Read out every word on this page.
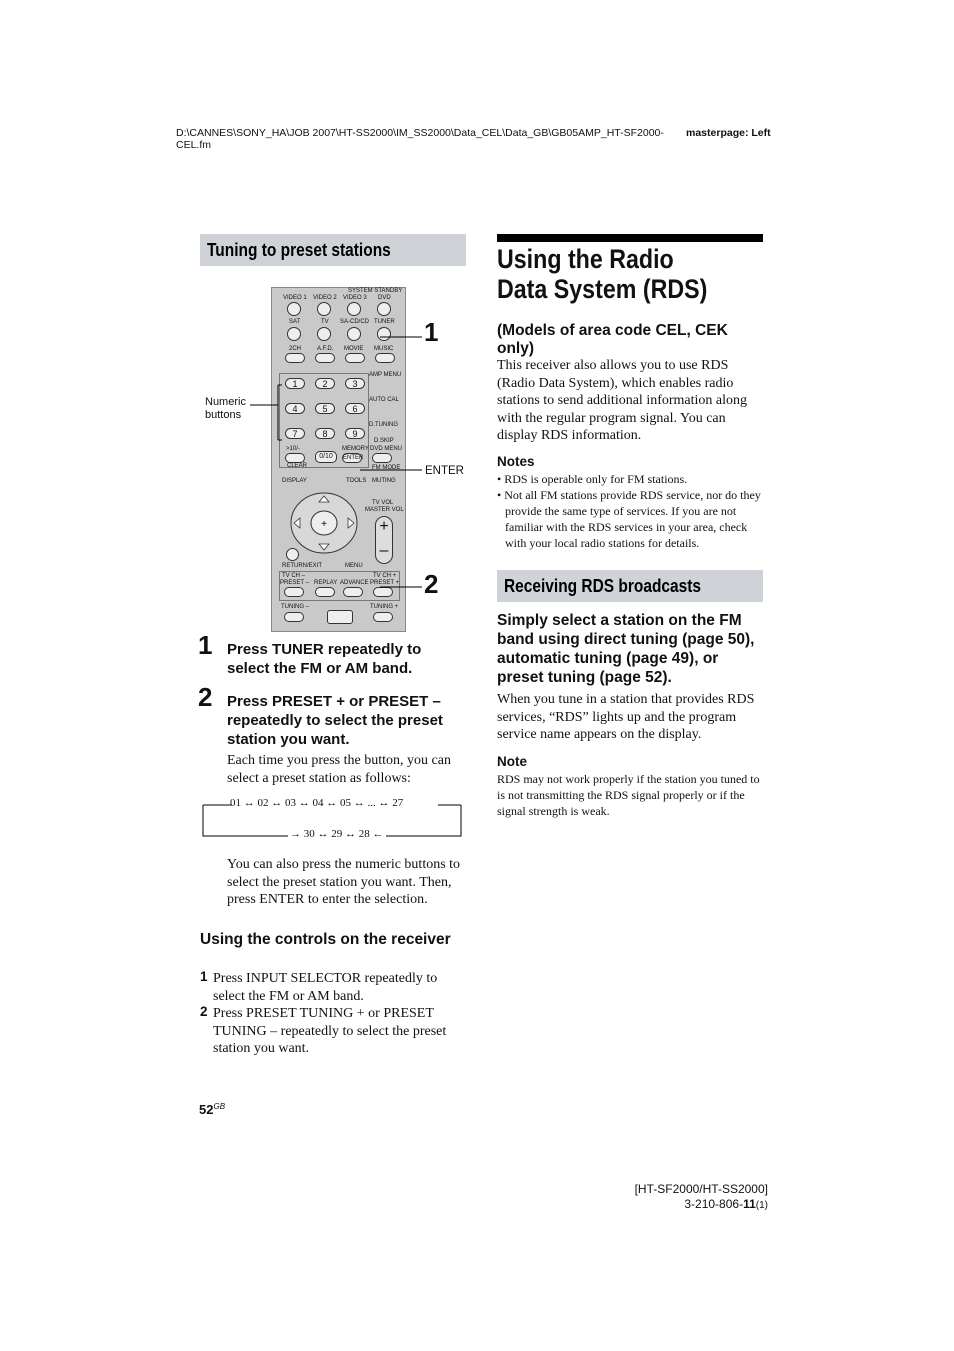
D:\CANNES\SONY_HA\JOB 2007\HT-SS2000\IM_SS2000\Data_CEL\Data_GB\GB05AMP_HT-SF2000-CEL.fm
masterpage: Left
Tuning to preset stations
SYSTEM STANDBY
VIDEO 1 VIDEO 2 VIDEO 3 DVD
SAT	TV SA-CD/CD TUNER
2CH	A.F.D. MOVIE MUSIC
1	2	3
4	5	6
7	8	9
AMP MENU
AUTO CAL
D.TUNING
D.SKIP
MEMORY DVD MENU
ENTER
FM MODE
>10/-
CLEAR
0/10
DISPLAY	TOOLS MUTING
TV VOL
MASTER VOL
+	+
–
RETURN/EXIT	MENU
TV CH –
PRESET – REPLAY ADVANCE
TV CH +
PRESET +
TUNING –	TUNING +
Numeric buttons
ENTER
1
2
1 Press TUNER repeatedly to select the FM or AM band.
2 Press PRESET + or PRESET – repeatedly to select the preset station you want.
Each time you press the button, you can select a preset station as follows:
01 ↔ 02 ↔ 03 ↔ 04 ↔ 05 ↔ ... ↔ 27
→ 30 ↔ 29 ↔ 28 ←
You can also press the numeric buttons to select the preset station you want. Then, press ENTER to enter the selection.
Using the controls on the receiver
1 Press INPUT SELECTOR repeatedly to select the FM or AM band.
2 Press PRESET TUNING + or PRESET TUNING – repeatedly to select the preset station you want.
$52^{GB}$
Using the Radio Data System (RDS)
(Models of area code CEL, CEK only)
This receiver also allows you to use RDS (Radio Data System), which enables radio stations to send additional information along with the regular program signal. You can display RDS information.
Notes
• RDS is operable only for FM stations.
• Not all FM stations provide RDS service, nor do they provide the same type of services. If you are not familiar with the RDS services in your area, check with your local radio stations for details.
Receiving RDS broadcasts
Simply select a station on the FM band using direct tuning (page 50), automatic tuning (page 49), or preset tuning (page 52).
When you tune in a station that provides RDS services, “RDS” lights up and the program service name appears on the display.
Note
RDS may not work properly if the station you tuned to is not transmitting the RDS signal properly or if the signal strength is weak.
[HT-SF2000/HT-SS2000]
3-210-806-11(1)
